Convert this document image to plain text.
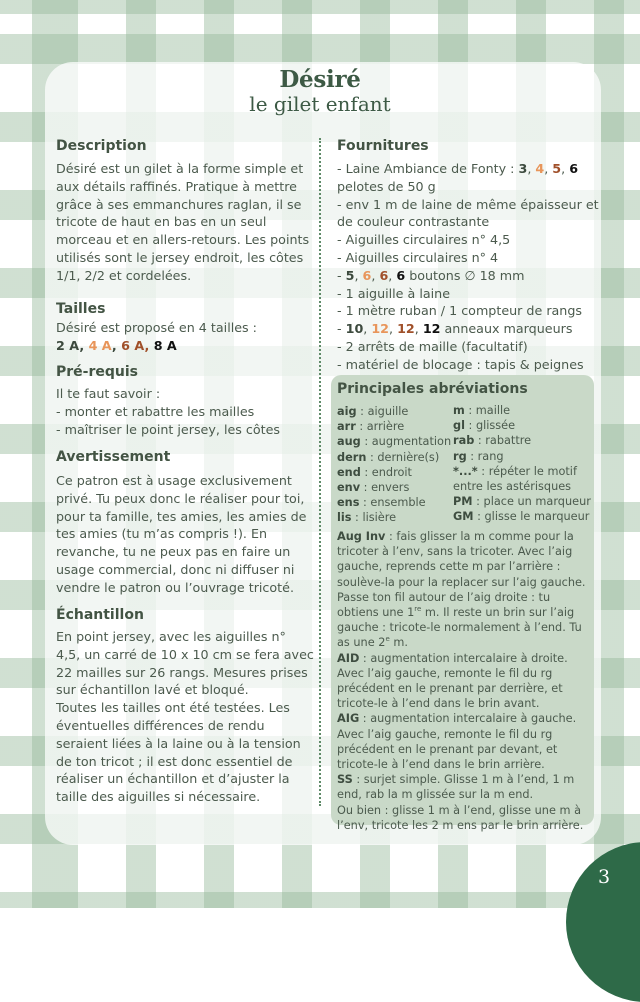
Désiré
le gilet enfant
Description

Désiré est un gilet à la forme simple et aux détails raffinés. Pratique à mettre grâce à ses emmanchures raglan, il se tricote de haut en bas en un seul morceau et en allers-retours. Les points utilisés sont le jersey endroit, les côtes 1/1, 2/2 et cordelées.

Tailles

Désiré est proposé en 4 tailles :

2 A, 4 A, 6 A, 8 A

Pré-requis

Il te faut savoir :

- monter et rabattre les mailles

- maîtriser le point jersey, les côtes

Avertissement

Ce patron est à usage exclusivement privé. Tu peux donc le réaliser pour toi, pour ta famille, tes amies, les amies de tes amies (tu m’as compris !). En revanche, tu ne peux pas en faire un usage commercial, donc ni diffuser ni vendre le patron ou l’ouvrage tricoté.

Échantillon

En point jersey, avec les aiguilles n° 4,5, un carré de 10 x 10 cm se fera avec 22 mailles sur 26 rangs. Mesures prises sur échantillon lavé et bloqué.

Toutes les tailles ont été testées. Les éventuelles différences de rendu seraient liées à la laine ou à la tension de ton tricot ; il est donc essentiel de réaliser un échantillon et d’ajuster la taille des aiguilles si nécessaire.

Fournitures

- Laine Ambiance de Fonty : 3, 4, 5, 6
pelotes de 50 g

- env 1 m de laine de même épaisseur et de couleur contrastante

- Aiguilles circulaires n° 4,5

- Aiguilles circulaires n° 4

- 5, 6, 6, 6 boutons ∅ 18 mm

- 1 aiguille à laine

- 1 mètre ruban / 1 compteur de rangs

- 10, 12, 12, 12 anneaux marqueurs

- 2 arrêts de maille (facultatif)

- matériel de blocage : tapis & peignes

Principales abréviations
aig : aiguille
arr : arrière
aug : augmentation
dern : dernière(s)
end : endroit
env : envers
ens : ensemble
lis : lisière
m : maille
gl : glissée
rab : rabattre
rg : rang
*...* : répéter le motif
entre les astérisques
PM : place un marqueur
GM : glisse le marqueur

Aug Inv : fais glisser la m comme pour la tricoter à l’env, sans la tricoter. Avec l’aig gauche, reprends cette m par l’arrière : soulève-la pour la replacer sur l’aig gauche. Passe ton fil autour de l’aig droite : tu obtiens une 1re m. Il reste un brin sur l’aig gauche : tricote-le normalement à l’end. Tu as une 2e m.

AID : augmentation intercalaire à droite. Avec l’aig gauche, remonte le fil du rg précédent en le prenant par derrière, et tricote-le à l’end dans le brin avant.

AIG : augmentation intercalaire à gauche. Avec l’aig gauche, remonte le fil du rg précédent en le prenant par devant, et tricote-le à l’end dans le brin arrière.

SS : surjet simple. Glisse 1 m à l’end, 1 m end, rab la m glissée sur la m end.

Ou bien : glisse 1 m à l’end, glisse une m à l’env, tricote les 2 m ens par le brin arrière.

3
